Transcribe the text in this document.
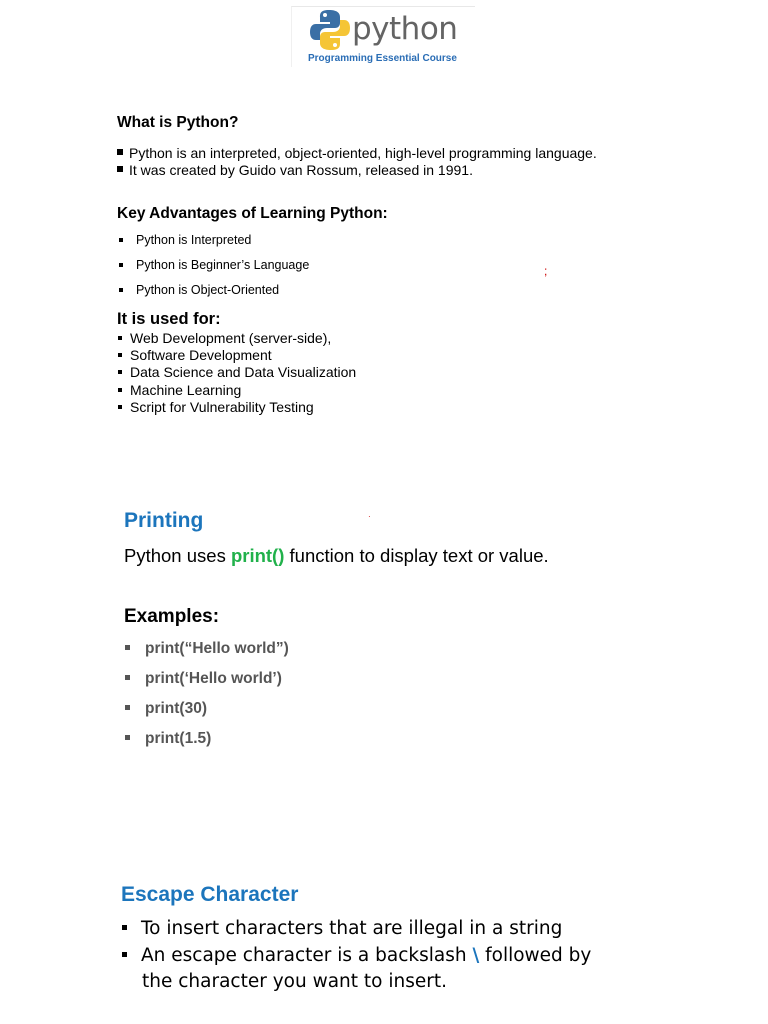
python
Programming Essential Course
What is Python?
Python is an interpreted, object-oriented, high-level programming language.
It was created by Guido van Rossum, released in 1991.
Key Advantages of Learning Python:
Python is Interpreted
Python is Beginner’s Language
Python is Object-Oriented
;
It is used for:
Web Development (server-side),
Software Development
Data Science and Data Visualization
Machine Learning
Script for Vulnerability Testing
Printing	·
Python uses print() function to display text or value.
Examples:
print(“Hello world”)
print(‘Hello world’)
print(30)
print(1.5)
Escape Character
To insert characters that are illegal in a string
An escape character is a backslash \ followed by
the character you want to insert.
